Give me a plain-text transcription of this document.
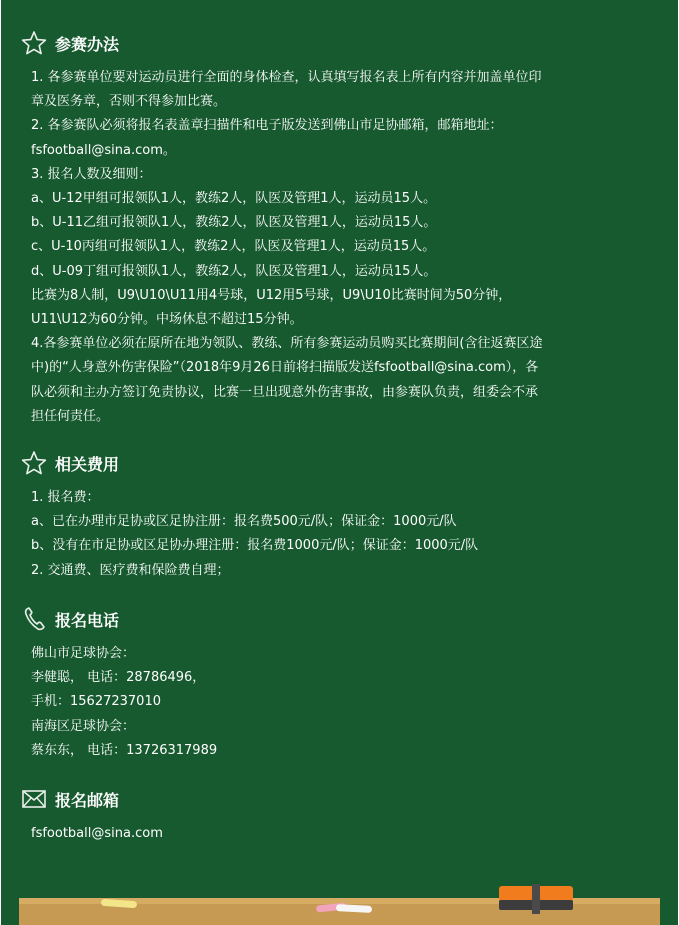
参赛办法
1. 各参赛单位要对运动员进行全面的身体检查，认真填写报名表上所有内容并加盖单位印
章及医务章，否则不得参加比赛。
2. 各参赛队必须将报名表盖章扫描件和电子版发送到佛山市足协邮箱，邮箱地址：
fsfootball@sina.com。
3. 报名人数及细则：
a、U-12甲组可报领队1人，教练2人，队医及管理1人，运动员15人。
b、U-11乙组可报领队1人，教练2人，队医及管理1人，运动员15人。
c、U-10丙组可报领队1人，教练2人，队医及管理1人，运动员15人。
d、U-09丁组可报领队1人，教练2人，队医及管理1人，运动员15人。
比赛为8人制，U9\U10\U11用4号球，U12用5号球，U9\U10比赛时间为50分钟，
U11\U12为60分钟。中场休息不超过15分钟。
4.各参赛单位必须在原所在地为领队、教练、所有参赛运动员购买比赛期间(含往返赛区途
中)的“人身意外伤害保险”（2018年9月26日前将扫描版发送fsfootball@sina.com），各
队必须和主办方签订免责协议，比赛一旦出现意外伤害事故，由参赛队负责，组委会不承
担任何责任。
相关费用
1. 报名费：
a、已在办理市足协或区足协注册：报名费500元/队；保证金：1000元/队
b、没有在市足协或区足协办理注册：报名费1000元/队；保证金：1000元/队
2. 交通费、医疗费和保险费自理；
报名电话
佛山市足球协会：
李健聪， 电话：28786496，
手机：15627237010
南海区足球协会：
蔡东东， 电话：13726317989
报名邮箱
fsfootball@sina.com
